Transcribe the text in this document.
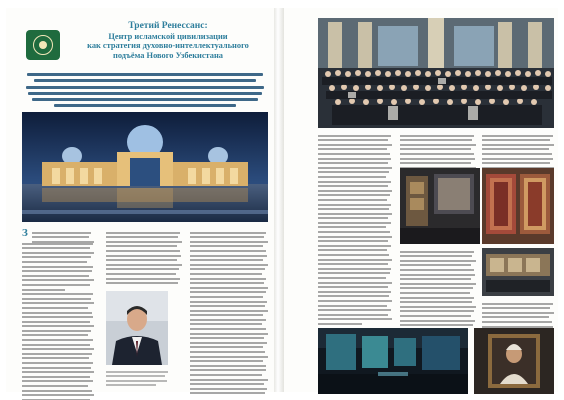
Третий Ренессанс:
Центр исламской цивилизации
как стратегия духовно-интеллектуального
подъёма Нового Узбекистана
З
